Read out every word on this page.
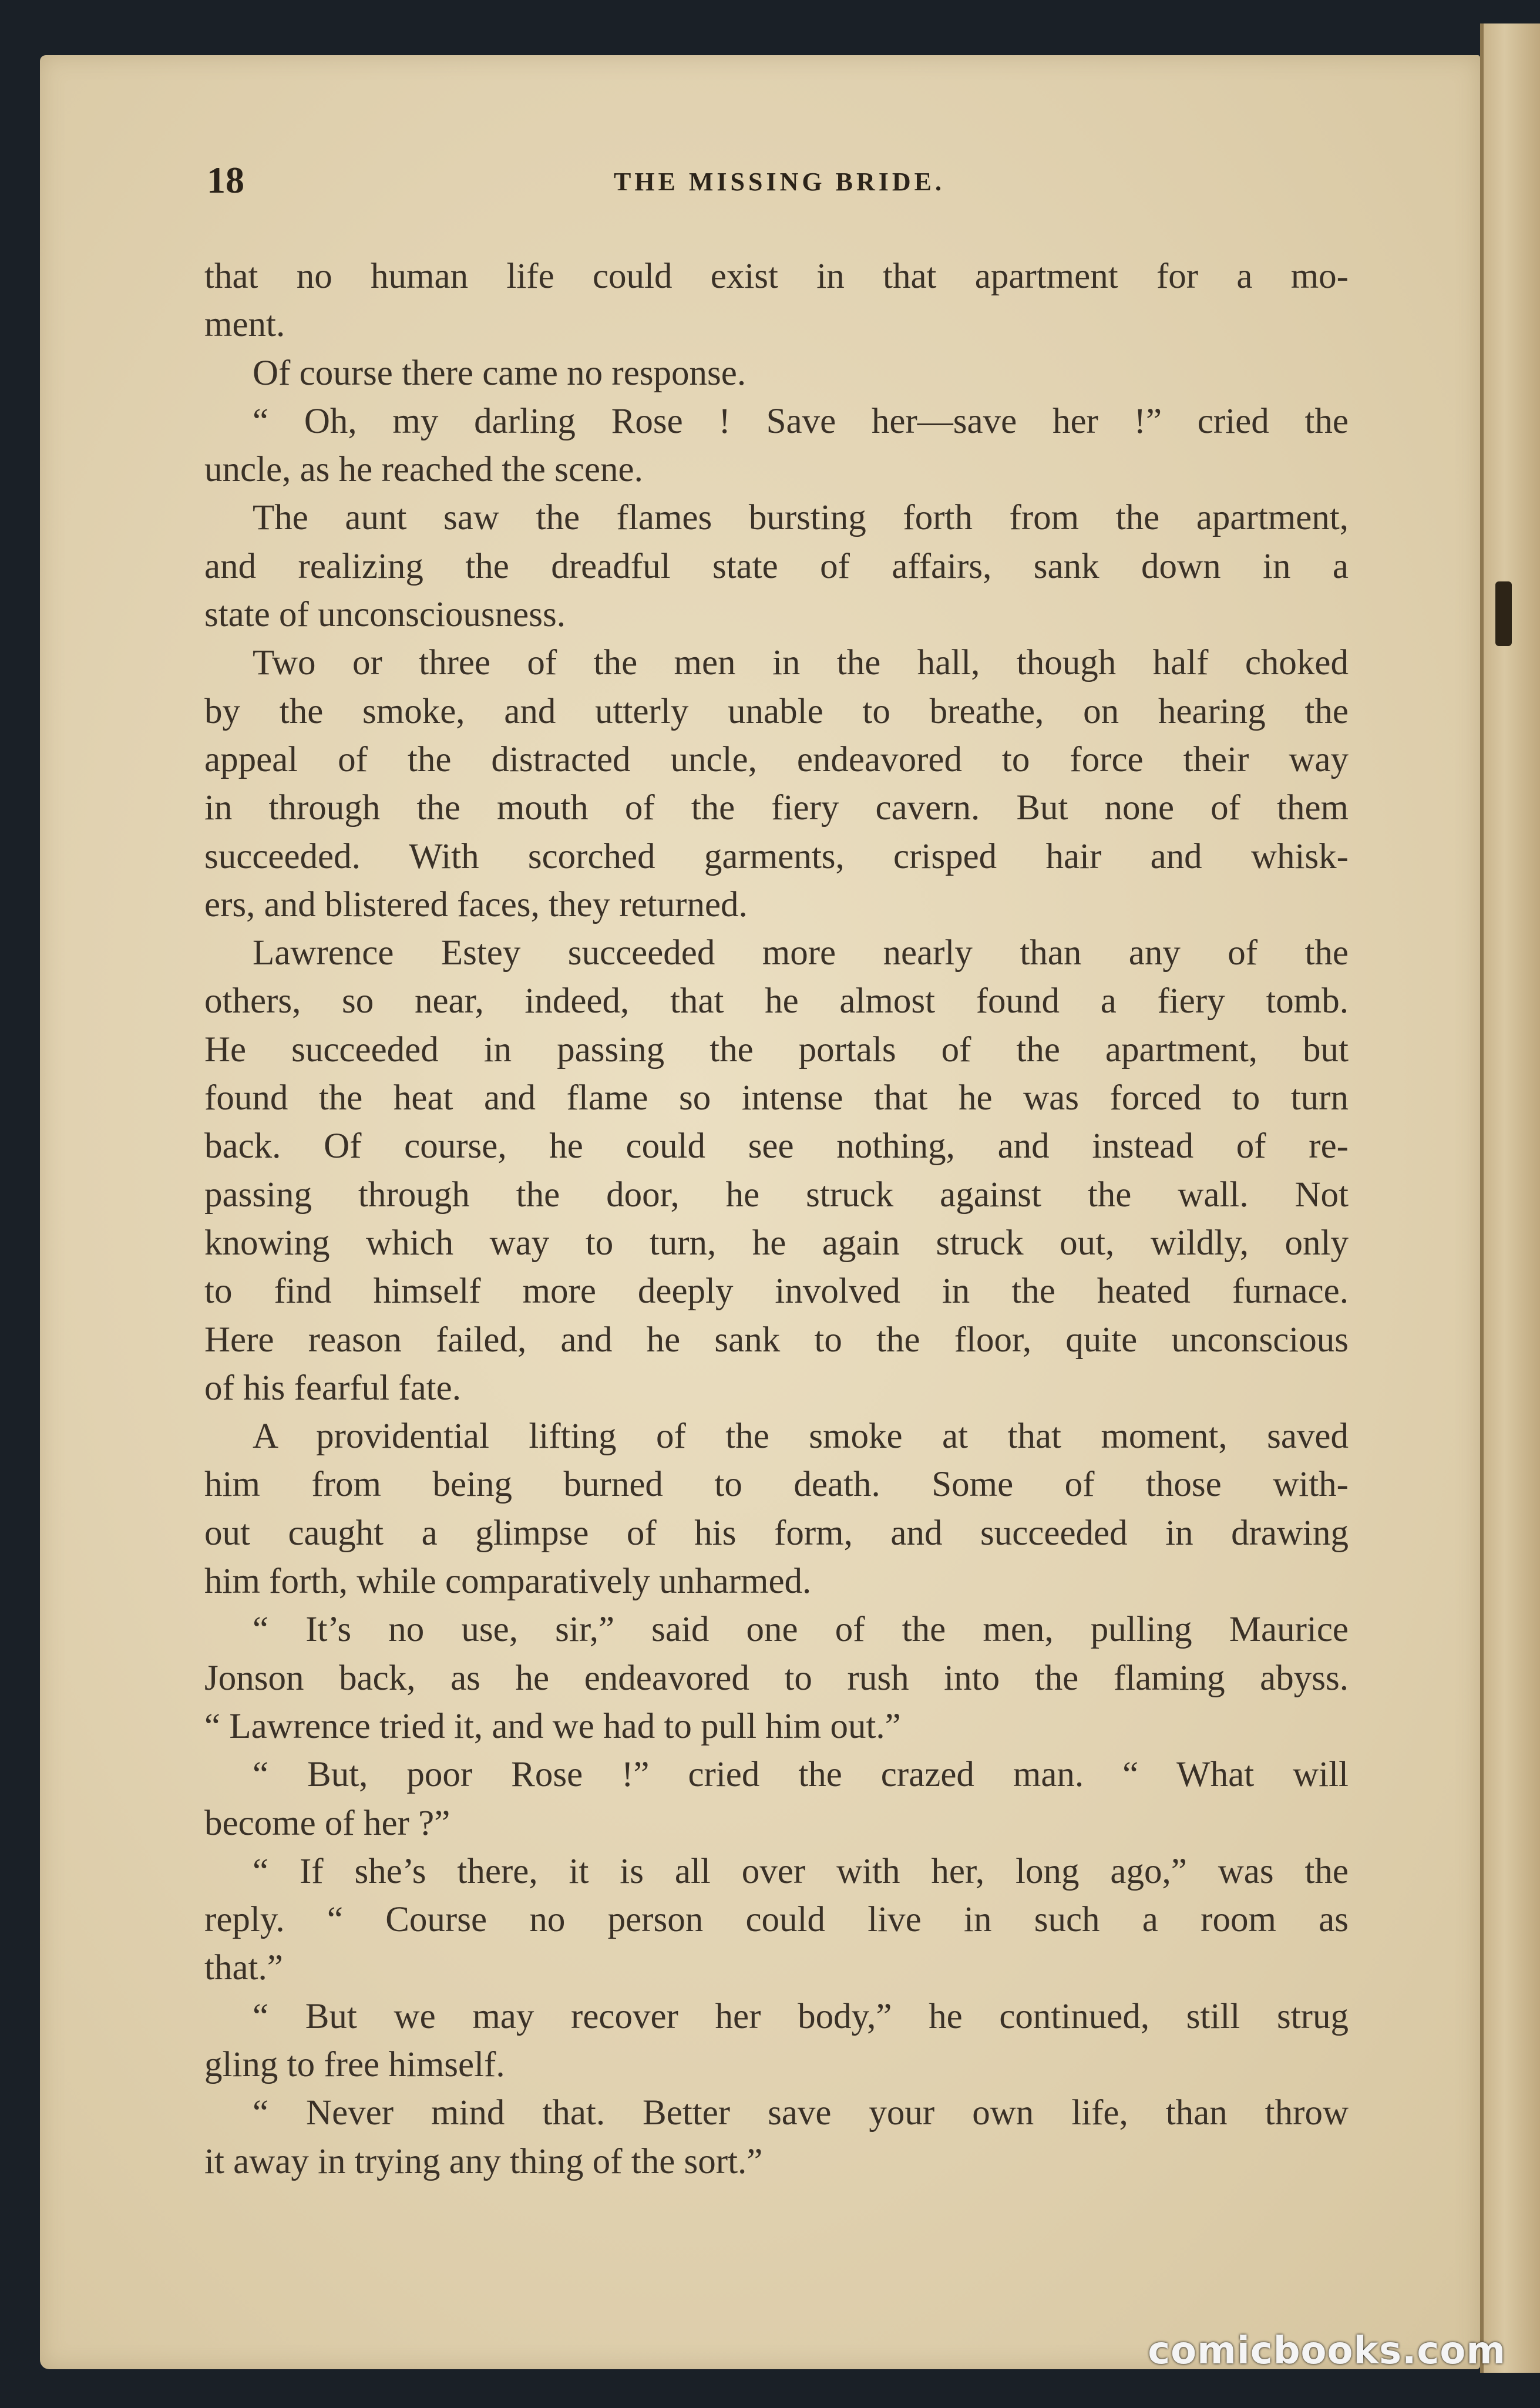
18	THE MISSING BRIDE.
that no human life could exist in that apartment for a mo-
ment.
Of course there came no response.
“ Oh, my darling Rose ! Save her—save her !” cried the
uncle, as he reached the scene.
The aunt saw the flames bursting forth from the apartment,
and realizing the dreadful state of affairs, sank down in a
state of unconsciousness.
Two or three of the men in the hall, though half choked
by the smoke, and utterly unable to breathe, on hearing the
appeal of the distracted uncle, endeavored to force their way
in through the mouth of the fiery cavern. But none of them
succeeded. With scorched garments, crisped hair and whisk-
ers, and blistered faces, they returned.
Lawrence Estey succeeded more nearly than any of the
others, so near, indeed, that he almost found a fiery tomb.
He succeeded in passing the portals of the apartment, but
found the heat and flame so intense that he was forced to turn
back. Of course, he could see nothing, and instead of re-
passing through the door, he struck against the wall. Not
knowing which way to turn, he again struck out, wildly, only
to find himself more deeply involved in the heated furnace.
Here reason failed, and he sank to the floor, quite unconscious
of his fearful fate.
A providential lifting of the smoke at that moment, saved
him from being burned to death. Some of those with-
out caught a glimpse of his form, and succeeded in drawing
him forth, while comparatively unharmed.
“ It’s no use, sir,” said one of the men, pulling Maurice
Jonson back, as he endeavored to rush into the flaming abyss.
“ Lawrence tried it, and we had to pull him out.”
“ But, poor Rose !” cried the crazed man. “ What will
become of her ?”
“ If she’s there, it is all over with her, long ago,” was the
reply. “ Course no person could live in such a room as
that.”
“ But we may recover her body,” he continued, still strug
gling to free himself.
“ Never mind that. Better save your own life, than throw
it away in trying any thing of the sort.”
comicbooks.com
